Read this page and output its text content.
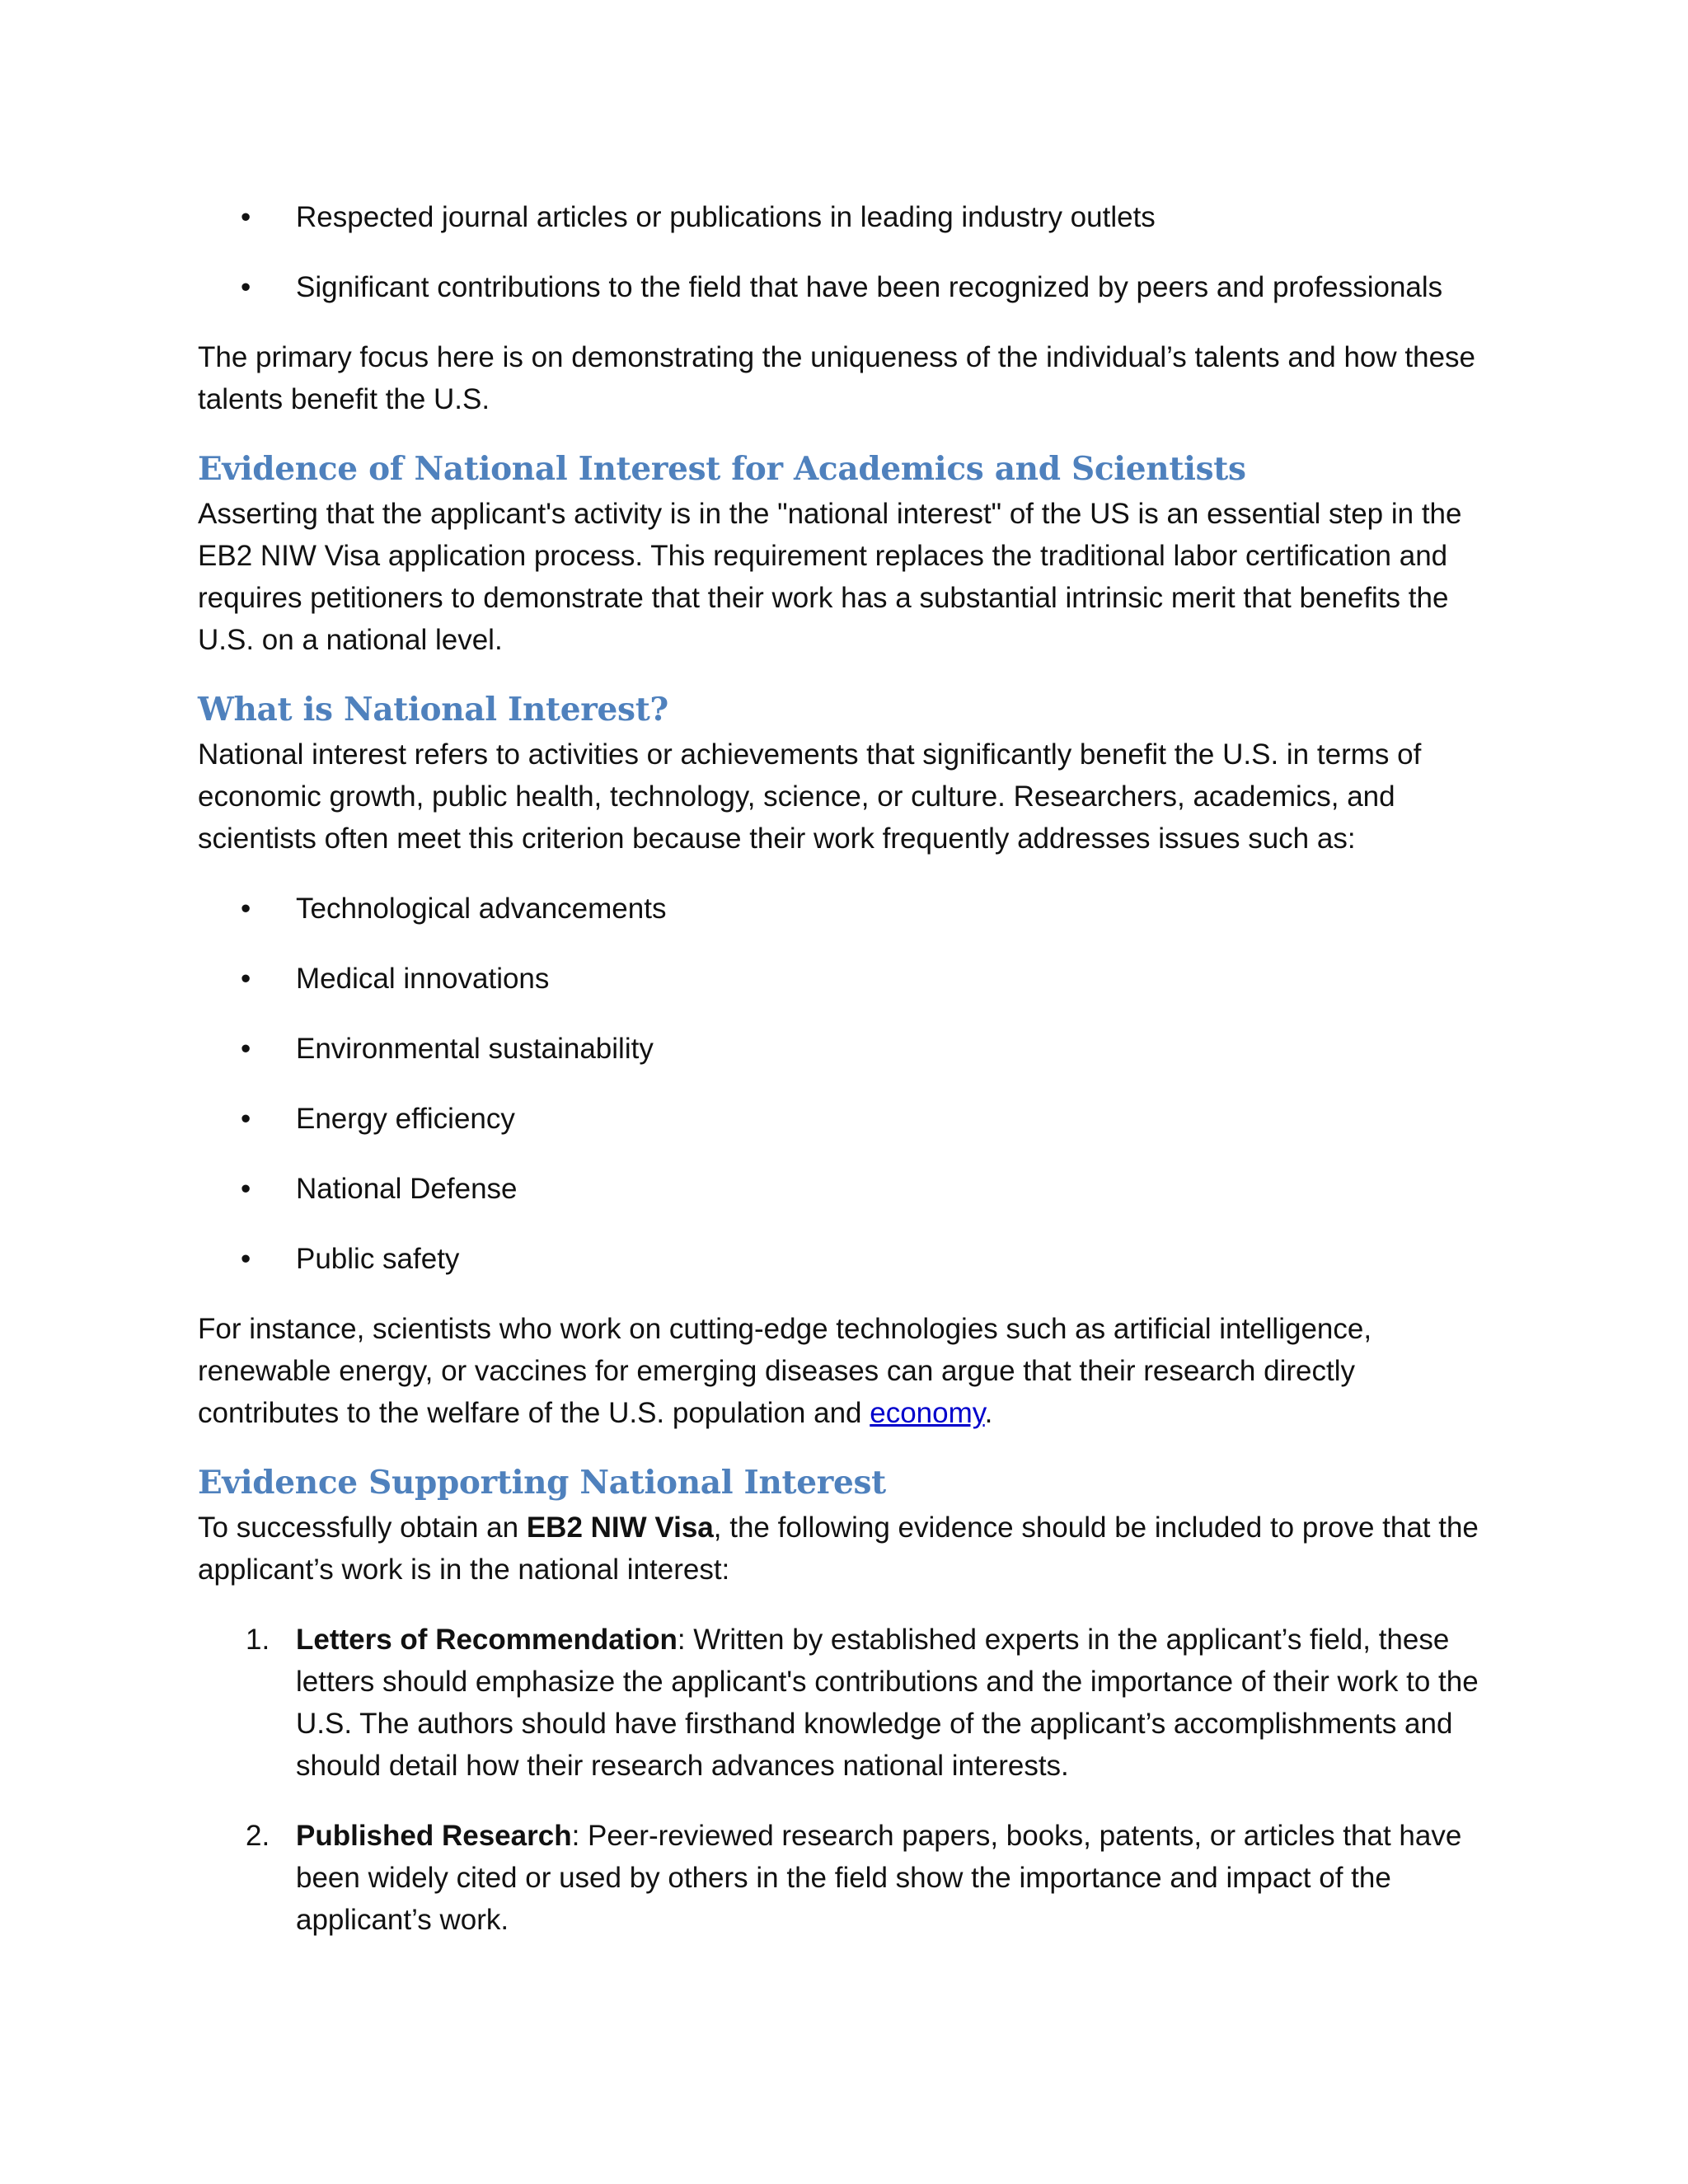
•	Respected journal articles or publications in leading industry outlets
•	Significant contributions to the field that have been recognized by peers and professionals

The primary focus here is on demonstrating the uniqueness of the individual’s talents and how these talents benefit the U.S.

Evidence of National Interest for Academics and Scientists

Asserting that the applicant's activity is in the "national interest" of the US is an essential step in the EB2 NIW Visa application process. This requirement replaces the traditional labor certification and requires petitioners to demonstrate that their work has a substantial intrinsic merit that benefits the U.S. on a national level.

What is National Interest?

National interest refers to activities or achievements that significantly benefit the U.S. in terms of economic growth, public health, technology, science, or culture. Researchers, academics, and scientists often meet this criterion because their work frequently addresses issues such as:

•	Technological advancements
•	Medical innovations
•	Environmental sustainability
•	Energy efficiency
•	National Defense
•	Public safety

For instance, scientists who work on cutting-edge technologies such as artificial intelligence, renewable energy, or vaccines for emerging diseases can argue that their research directly contributes to the welfare of the U.S. population and economy.

Evidence Supporting National Interest

To successfully obtain an EB2 NIW Visa, the following evidence should be included to prove that the applicant’s work is in the national interest:

1. Letters of Recommendation: Written by established experts in the applicant’s field, these letters should emphasize the applicant's contributions and the importance of their work to the U.S. The authors should have firsthand knowledge of the applicant’s accomplishments and should detail how their research advances national interests.
2. Published Research: Peer-reviewed research papers, books, patents, or articles that have been widely cited or used by others in the field show the importance and impact of the applicant’s work.
